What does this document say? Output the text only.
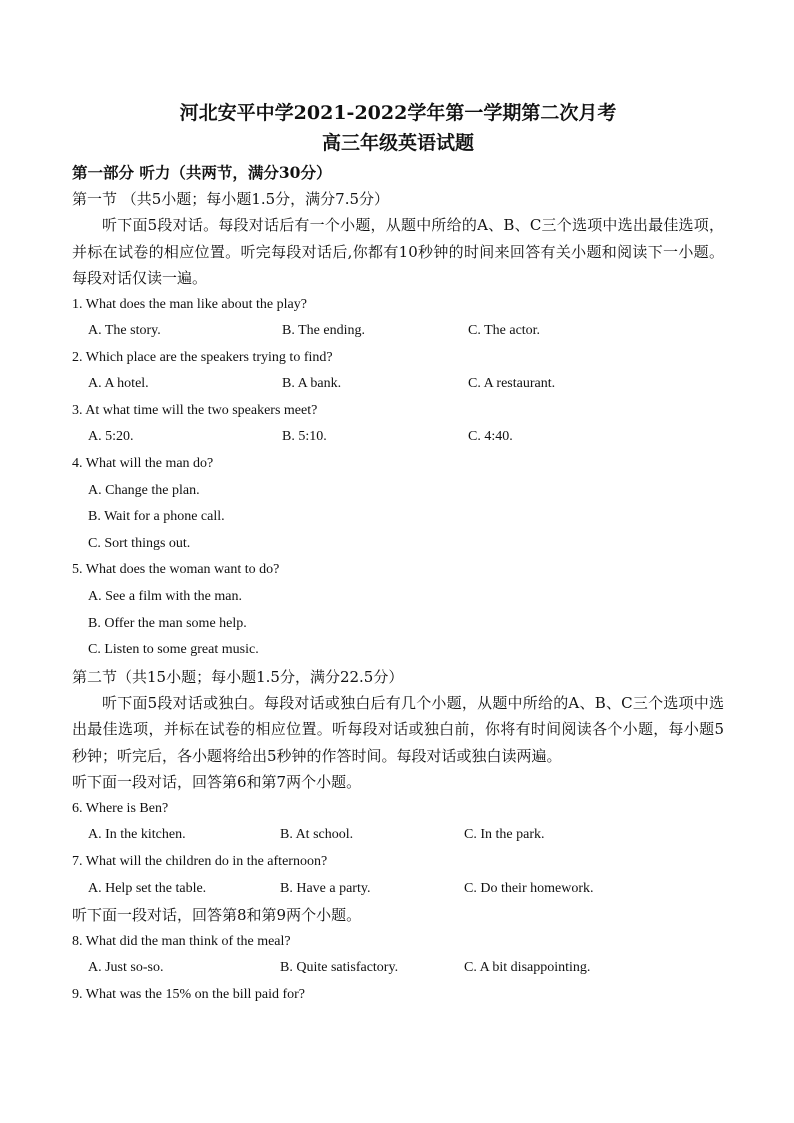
河北安平中学2021-2022学年第一学期第二次月考

高三年级英语试题

第一部分 听力（共两节，满分30分）

第一节 （共5小题；每小题1.5分，满分7.5分）

听下面5段对话。每段对话后有一个小题，从题中所给的A、B、C三个选项中选出最佳选项，并标在试卷的相应位置。听完每段对话后,你都有10秒钟的时间来回答有关小题和阅读下一小题。每段对话仅读一遍。

1. What does the man like about the play?

A. The story.	B. The ending.	C. The actor.

2. Which place are the speakers trying to find?

A. A hotel.	B. A bank.	C. A restaurant.

3. At what time will the two speakers meet?

A. 5:20.	B. 5:10.	C. 4:40.

4. What will the man do?

A. Change the plan.
B. Wait for a phone call.
C. Sort things out.

5. What does the woman want to do?

A. See a film with the man.
B. Offer the man some help.
C. Listen to some great music.

第二节（共15小题；每小题1.5分，满分22.5分）

听下面5段对话或独白。每段对话或独白后有几个小题，从题中所给的A、B、C三个选项中选出最佳选项，并标在试卷的相应位置。听每段对话或独白前，你将有时间阅读各个小题，每小题5秒钟；听完后，各小题将给出5秒钟的作答时间。每段对话或独白读两遍。

听下面一段对话，回答第6和第7两个小题。

6. Where is Ben?

A. In the kitchen.	B. At school.	C. In the park.

7. What will the children do in the afternoon?

A. Help set the table.	B. Have a party.	C. Do their homework.

听下面一段对话，回答第8和第9两个小题。

8. What did the man think of the meal?

A. Just so-so.	B. Quite satisfactory.	C. A bit disappointing.

9. What was the 15% on the bill paid for?
